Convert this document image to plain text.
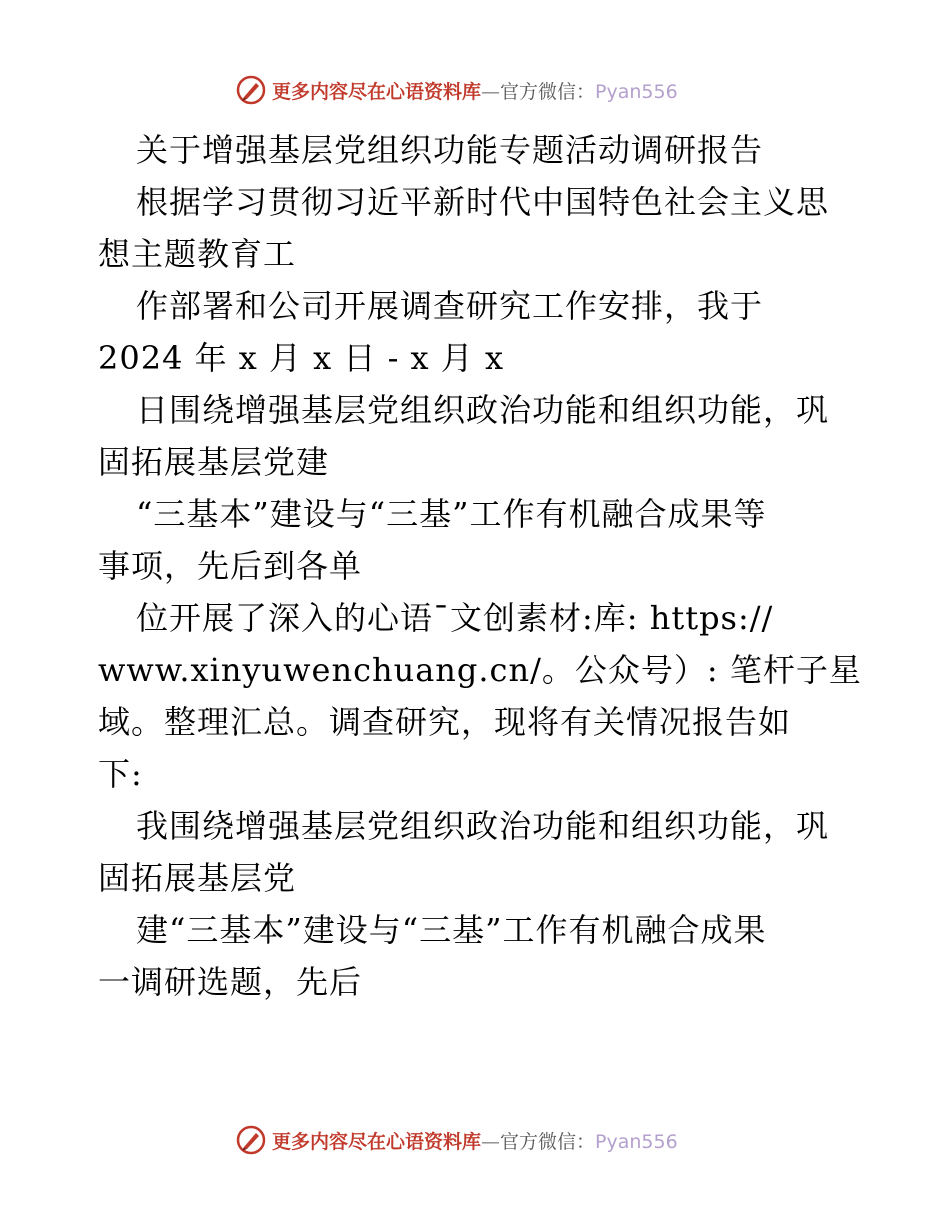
更多内容尽在心语资料库—官方微信：Pyan556
关于增强基层党组织功能专题活动调研报告
根据学习贯彻习近平新时代中国特色社会主义思
想主题教育工
作部署和公司开展调查研究工作安排，我于
2024 年 x 月 x 日 - x 月 x
日围绕增强基层党组织政治功能和组织功能，巩
固拓展基层党建
“三基本”建设与“三基”工作有机融合成果等
事项，先后到各单
位开展了深入的心语¯文创素材:库: https://
www.xinyuwenchuang.cn/。公众号）: 笔杆子星
域。整理汇总。调查研究，现将有关情况报告如
下:
我围绕增强基层党组织政治功能和组织功能，巩
固拓展基层党
建“三基本”建设与“三基”工作有机融合成果
一调研选题，先后
更多内容尽在心语资料库—官方微信：Pyan556
